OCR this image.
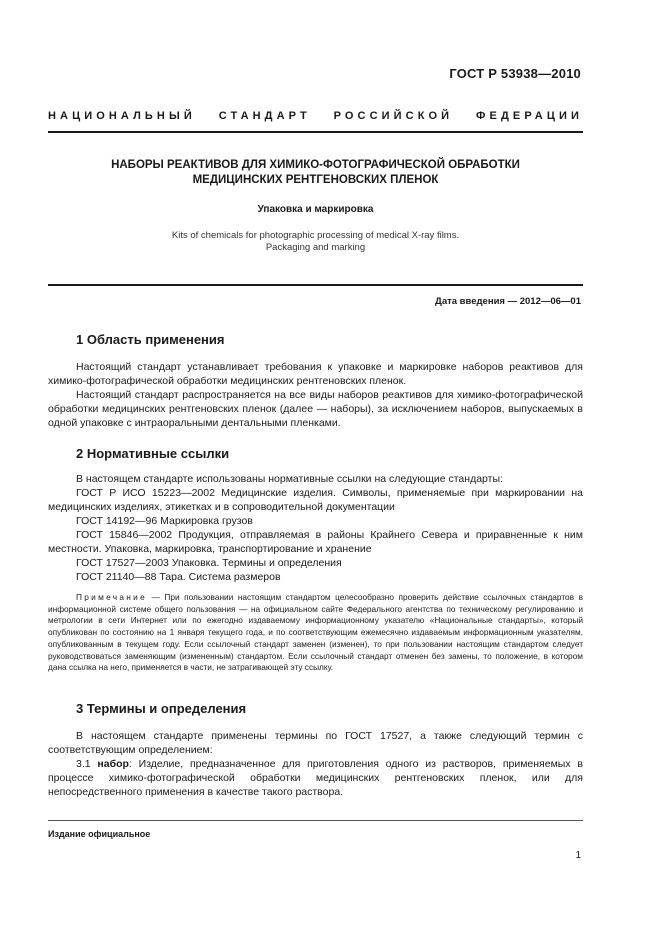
ГОСТ Р 53938—2010
НАЦИОНАЛЬНЫЙ СТАНДАРТ РОССИЙСКОЙ ФЕДЕРАЦИИ
НАБОРЫ РЕАКТИВОВ ДЛЯ ХИМИКО-ФОТОГРАФИЧЕСКОЙ ОБРАБОТКИ
МЕДИЦИНСКИХ РЕНТГЕНОВСКИХ ПЛЕНОК
Упаковка и маркировка
Kits of chemicals for photographic processing of medical X-ray films.
Packaging and marking
Дата введения — 2012—06—01
1 Область применения
Настоящий стандарт устанавливает требования к упаковке и маркировке наборов реактивов для химико-фотографической обработки медицинских рентгеновских пленок.
Настоящий стандарт распространяется на все виды наборов реактивов для химико-фотографической обработки медицинских рентгеновских пленок (далее — наборы), за исключением наборов, выпускаемых в одной упаковке с интраоральными дентальными пленками.
2 Нормативные ссылки
В настоящем стандарте использованы нормативные ссылки на следующие стандарты:
ГОСТ Р ИСО 15223—2002 Медицинские изделия. Символы, применяемые при маркировании на медицинских изделиях, этикетках и в сопроводительной документации
ГОСТ 14192—96 Маркировка грузов
ГОСТ 15846—2002 Продукция, отправляемая в районы Крайнего Севера и приравненные к ним местности. Упаковка, маркировка, транспортирование и хранение
ГОСТ 17527—2003 Упаковка. Термины и определения
ГОСТ 21140—88 Тара. Система размеров
Примечание — При пользовании настоящим стандартом целесообразно проверить действие ссылочных стандартов в информационной системе общего пользования — на официальном сайте Федерального агентства по техническому регулированию и метрологии в сети Интернет или по ежегодно издаваемому информационному указателю «Национальные стандарты», который опубликован по состоянию на 1 января текущего года, и по соответствующим ежемесячно издаваемым информационным указателям, опубликованным в текущем году. Если ссылочный стандарт заменен (изменен), то при пользовании настоящим стандартом следует руководствоваться заменяющим (измененным) стандартом. Если ссылочный стандарт отменен без замены, то положение, в котором дана ссылка на него, применяется в части, не затрагивающей эту ссылку.
3 Термины и определения
В настоящем стандарте применены термины по ГОСТ 17527, а также следующий термин с соответствующим определением:
3.1 набор: Изделие, предназначенное для приготовления одного из растворов, применяемых в процессе химико-фотографической обработки медицинских рентгеновских пленок, или для непосредственного применения в качестве такого раствора.
Издание официальное
1
